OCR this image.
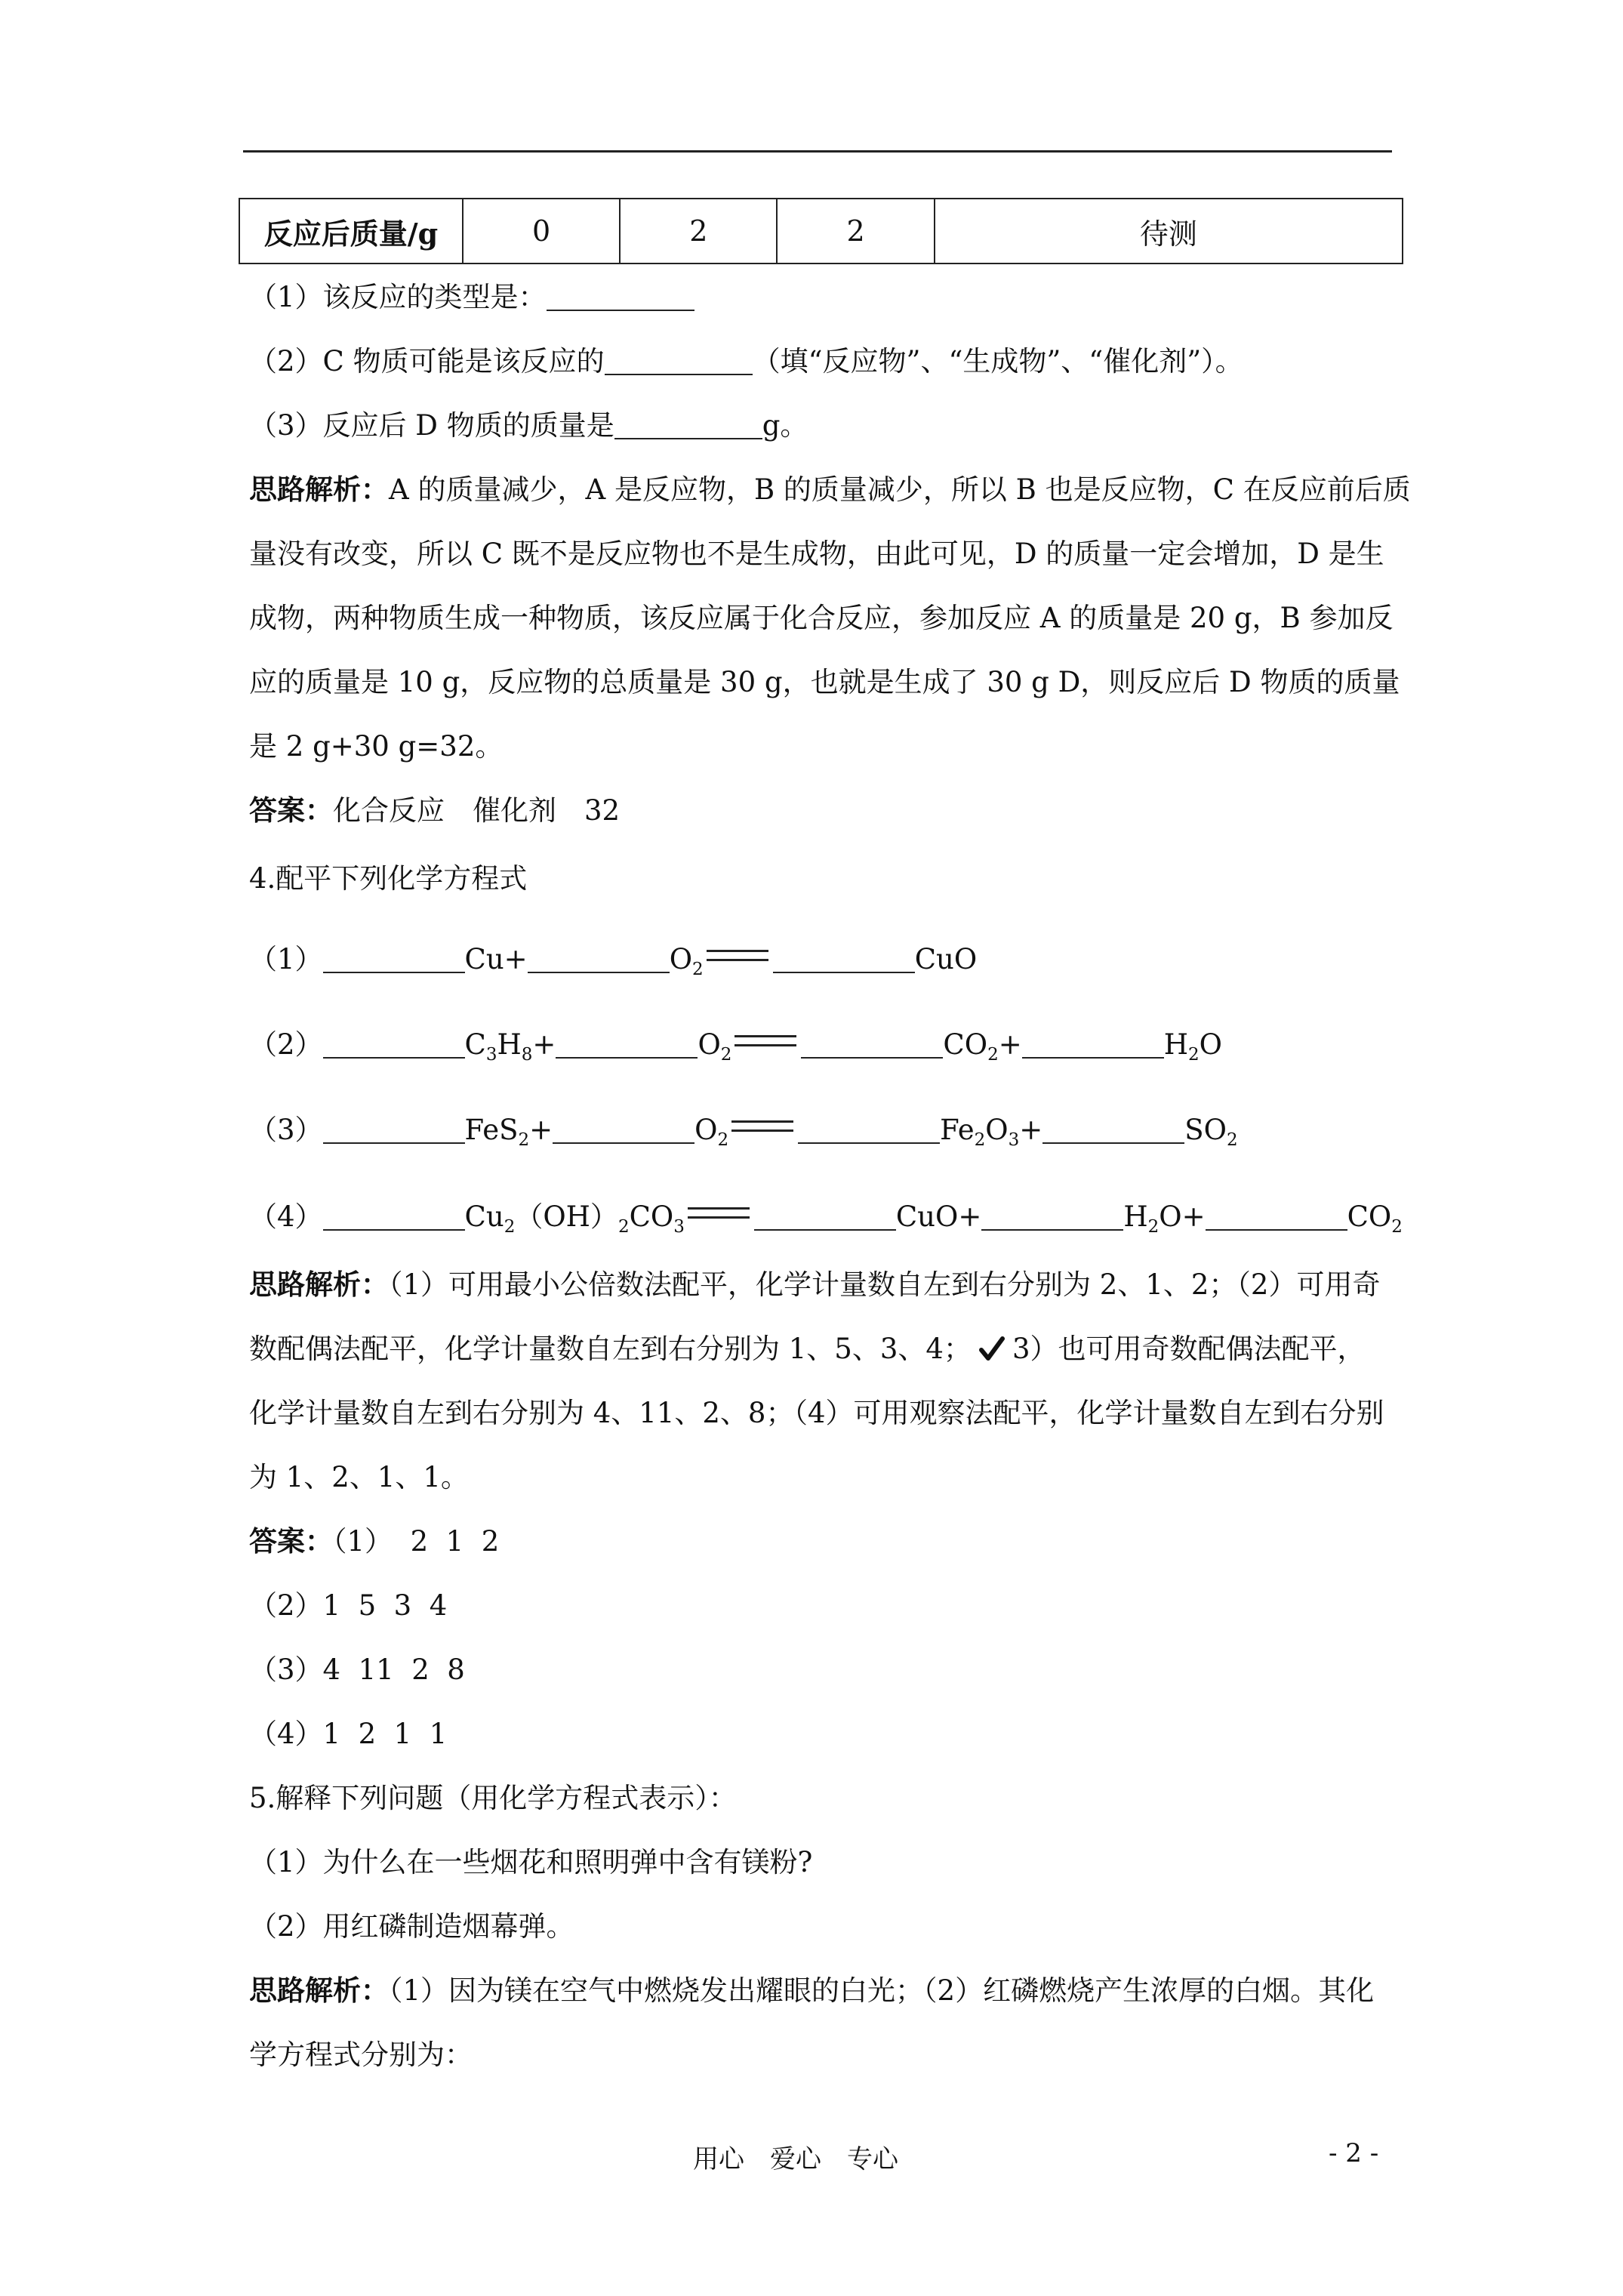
反应后质量/g	0	2	2	待测
（1）该反应的类型是：
（2）C 物质可能是该反应的	（填“反应物”、“生成物”、“催化剂”）。
（3）反应后 D 物质的质量是	g。
思路解析：A 的质量减少，A 是反应物，B 的质量减少，所以 B 也是反应物，C 在反应前后质
量没有改变，所以 C 既不是反应物也不是生成物，由此可见，D 的质量一定会增加，D 是生
成物，两种物质生成一种物质，该反应属于化合反应，参加反应 A 的质量是 20 g，B 参加反
应的质量是 10 g，反应物的总质量是 30 g，也就是生成了 30 g D，则反应后 D 物质的质量
是 2 g+30 g=32。
答案：化合反应　催化剂　32
4.配平下列化学方程式
（1）	Cu+	$O_2$	CuO
（2）	$C_3H_8+$	$O_2$	$CO_2+$	$H_2O$
（3）	FeS$_2$+	$O_2$	$Fe_2O_3+$	$SO_2$
（4）	$Cu_2(OH)_2CO_3$	CuO+	$H_2O+$	$CO_2$
思路解析：（1）可用最小公倍数法配平，化学计量数自左到右分别为 2、1、2；（2）可用奇
数配偶法配平，化学计量数自左到右分别为 1、5、3、4； 3）也可用奇数配偶法配平，
化学计量数自左到右分别为 4、11、2、8；（4）可用观察法配平，化学计量数自左到右分别
为 1、2、1、1。
答案：（1）  2  1  2
（2）1  5  3  4
（3）4  11  2  8
（4）1  2  1  1
5.解释下列问题（用化学方程式表示）：
（1）为什么在一些烟花和照明弹中含有镁粉?
（2）用红磷制造烟幕弹。
思路解析：（1）因为镁在空气中燃烧发出耀眼的白光；（2）红磷燃烧产生浓厚的白烟。其化
学方程式分别为：
用心　爱心　专心	- 2 -
